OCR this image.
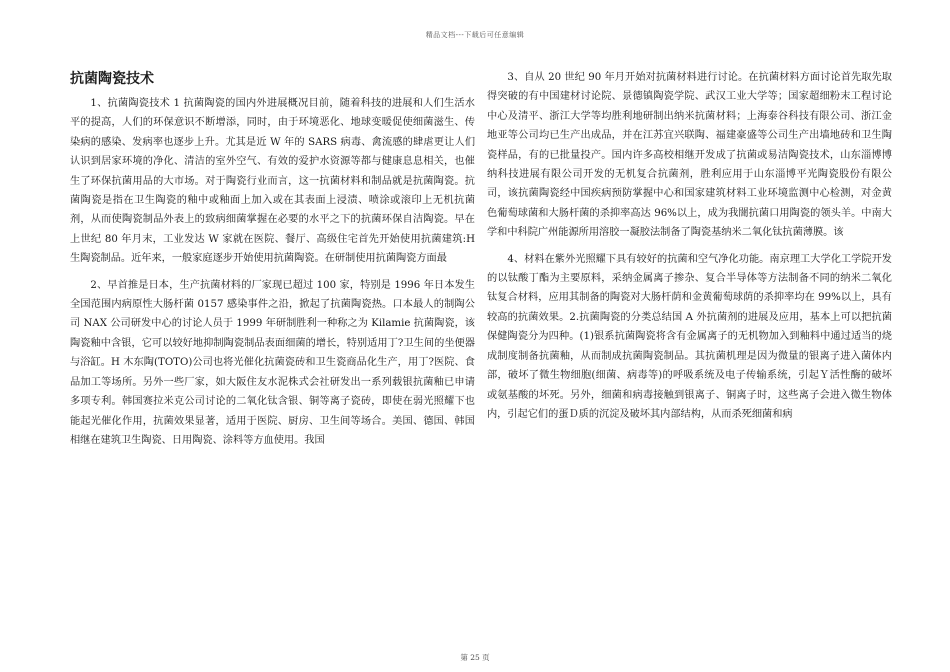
精品文档---下载后可任意编辑
抗菌陶瓷技术

1、抗菌陶瓷技术 1 抗菌陶瓷的国内外进展概况目前，随着科技的进展和人们生活水平的提高，人们的环保意识不断增添，同时，由于环境恶化、地球变暖促使细菌滋生、传染病的感染、发病率也逐步上升。尤其是近 W 年的 SARS 病毒、禽流感的肆虐更让人们认识到居家环境的净化、清洁的室外空气、有效的爱护水资源等都与健康息息相关，也催生了环保抗菌用品的大市场。对于陶瓷行业而言，这一抗菌材料和制品就是抗菌陶瓷。抗菌陶瓷是指在卫生陶瓷的釉中或釉面上加入或在其表面上浸渍、喷涂或滚印上无机抗菌剂，从而使陶瓷制品外表上的致病细菌掌握在必要的水平之下的抗菌环保自洁陶瓷。早在上世纪 80 年月末，工业发达 W 家就在医院、餐厅、高级住宅首先开始使用抗菌建筑:H 生陶瓷制品。近年来，一般家庭逐步开始使用抗菌陶瓷。在研制使用抗菌陶瓷方面最

2、早首推是日本，生产抗菌材料的厂家现已超过 100 家，特别是 1996 年日本发生全国范围内病原性大肠杆菌 0157 感染事件之沿，掀起了抗菌陶瓷热。口本最人的制陶公司 NAX 公司研发中心的讨论人员于 1999 年研制胜利一种称之为 Kilamie 抗菌陶瓷，该陶瓷釉中含银，它可以较好地抑制陶瓷制品表面细菌的增长，特别适用丁?卫生间的坐便器与浴缸。H 木东陶(TOTO)公司也将光催化抗菌瓷砖和卫生瓷商品化生产，用丁?医院、食品加工等场所。另外一些厂家，如大阪住友水泥株式会社研发出一系列载银抗菌釉已申请多项专利。韩国赛拉米克公司讨论的二氧化钛含银、铜等离子瓷砖，即使在弱光照耀下也能起光催化作用，抗菌效果显著，适用于医院、厨房、卫生间等场合。美国、德国、韩国相继在建筑卫生陶瓷、日用陶瓷、涂料等方血使用。我国

3、自从 20 世纪 90 年月开始对抗菌材料进行讨论。在抗菌材料方面讨论首先取先取得突破的有中国建材讨论院、景德镇陶瓷学院、武汉工业大学等；国家超细粉末工程讨论中心及清平、浙江大学等均胜利地研制出纳米抗菌材料；上海泰谷科技有限公司、浙江金地亚等公司均已生产出成品，并在江苏宜兴联陶、福建豪盛等公司生产出墙地砖和卫生陶瓷样品，有的已批量投产。国内许多高校相继开发成了抗菌或易洁陶瓷技术，山东淄博博纳科技进展有限公司开发的无机复合抗菌剂，胜利应用于山东淄博平光陶瓷股份有限公司，该抗菌陶瓷经中国疾病预防掌握中心和国家建筑材料工业环境监测中心检测，对金黄色葡萄球菌和大肠杆菌的杀抑率高达 96%以上，成为我闇抗菌口用陶瓷的领头羊。中南大学和中科院广州能源所用溶胶一凝胶法制备了陶瓷基纳米二氧化钛抗菌薄膜。该

4、材料在紫外光照耀下具有较好的抗菌和空气净化功能。南京理工大学化工学院开发的以钛酸丁酯为主要原料，采纳金属离子掺杂、复合半导体等方法制备不同的纳米二氧化钛复合材料，应用其制备的陶瓷对大肠杆荫和金黄葡萄球荫的杀抑率均在 99%以上，具有较高的抗菌效果。2.抗菌陶瓷的分类总结国 A 外抗菌剂的进展及应用，基本上可以把抗菌保健陶瓷分为四种。(1)银系抗菌陶瓷将含有金属离子的无机物加入到釉料中通过适当的烧成制度制备抗菌釉，从而制成抗菌陶瓷制品。其抗菌机理是因为微量的银离子进入菌体内部，破坏了微生物细胞(细菌、病毒等)的呼吸系统及电子传输系统，引起Ｙ活性酶的破坏或氨基酸的坏死。另外，细菌和病毒接触到银离子、铜离子时，这些离子会进入微生物体内，引起它们的蛋Ｄ质的沉淀及破坏其内部结构，从而杀死细菌和病

第 25 页
